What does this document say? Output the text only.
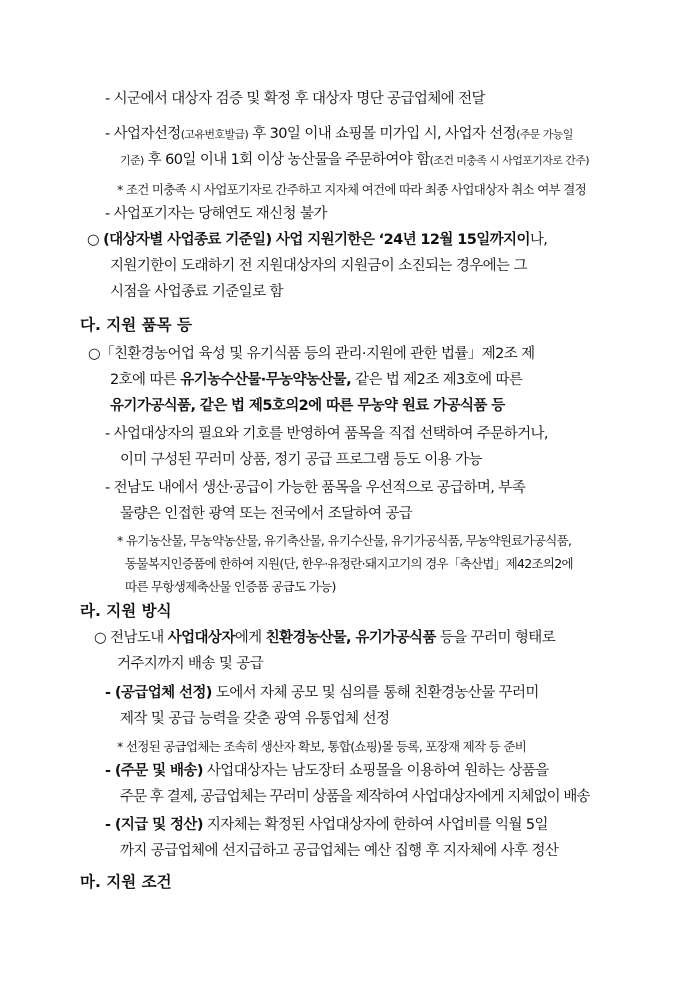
- 시군에서 대상자 검증 및 확정 후 대상자 명단 공급업체에 전달
- 사업자선정(고유번호발급) 후 30일 이내 쇼핑몰 미가입 시, 사업자 선정(주문 가능일
기준) 후 60일 이내 1회 이상 농산물을 주문하여야 함(조건 미충족 시 사업포기자로 간주)
* 조건 미충족 시 사업포기자로 간주하고 지자체 여건에 따라 최종 사업대상자 취소 여부 결정
- 사업포기자는 당해연도 재신청 불가
○ (대상자별 사업종료 기준일) 사업 지원기한은 ‘24년 12월 15일까지이나,
지원기한이 도래하기 전 지원대상자의 지원금이 소진되는 경우에는 그
시점을 사업종료 기준일로 함
다. 지원 품목 등
○「친환경농어업 육성 및 유기식품 등의 관리·지원에 관한 법률」제2조 제
2호에 따른 유기농수산물·무농약농산물, 같은 법 제2조 제3호에 따른
유기가공식품, 같은 법 제5호의2에 따른 무농약 원료 가공식품 등
- 사업대상자의 필요와 기호를 반영하여 품목을 직접 선택하여 주문하거나,
이미 구성된 꾸러미 상품, 정기 공급 프로그램 등도 이용 가능
- 전남도 내에서 생산·공급이 가능한 품목을 우선적으로 공급하며, 부족
물량은 인접한 광역 또는 전국에서 조달하여 공급
* 유기농산물, 무농약농산물, 유기축산물, 유기수산물, 유기가공식품, 무농약원료가공식품,
동물복지인증품에 한하여 지원(단, 한우·유정란·돼지고기의 경우「축산법」제42조의2에
따른 무항생제축산물 인증품 공급도 가능)
라. 지원 방식
○ 전남도내 사업대상자에게 친환경농산물, 유기가공식품 등을 꾸러미 형태로
거주지까지 배송 및 공급
- (공급업체 선정) 도에서 자체 공모 및 심의를 통해 친환경농산물 꾸러미
제작 및 공급 능력을 갖춘 광역 유통업체 선정
* 선정된 공급업체는 조속히 생산자 확보, 통합(쇼핑)몰 등록, 포장재 제작 등 준비
- (주문 및 배송) 사업대상자는 남도장터 쇼핑몰을 이용하여 원하는 상품을
주문 후 결제, 공급업체는 꾸러미 상품을 제작하여 사업대상자에게 지체없이 배송
- (지급 및 정산) 지자체는 확정된 사업대상자에 한하여 사업비를 익월 5일
까지 공급업체에 선지급하고 공급업체는 예산 집행 후 지자체에 사후 정산
마. 지원 조건
